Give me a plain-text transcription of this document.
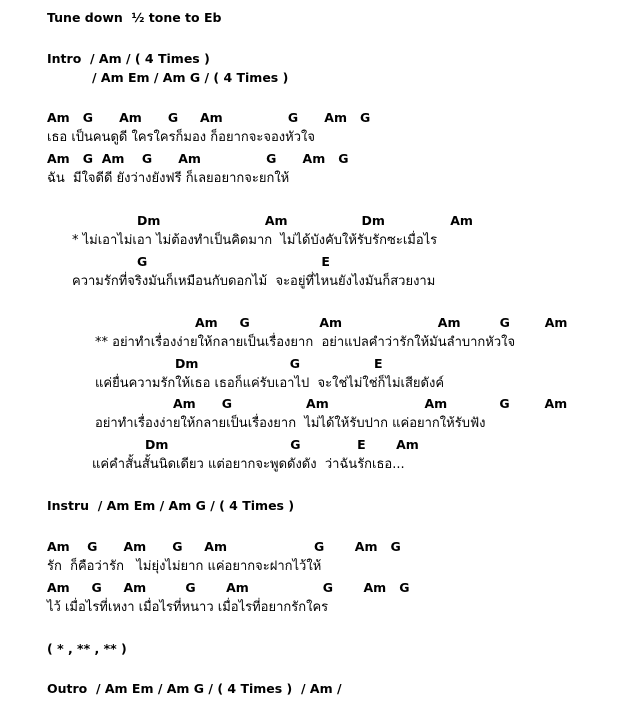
Tune down  ½ tone to Eb
Intro  / Am / ( 4 Times )
/ Am Em / Am G / ( 4 Times )
Am   G      Am      G     Am               G      Am   G
เธอ เป็นคนดูดี ใครใครก็มอง ก็อยากจะจองหัวใจ
Am   G  Am    G      Am               G      Am   G
ฉัน  มีใจดีดี ยังว่างยังฟรี ก็เลยอยากจะยกให้
Dm                        Am                 Dm               Am
* ไม่เอาไม่เอา ไม่ต้องทำเป็นคิดมาก  ไม่ได้บังคับให้รับรักซะเมื่อไร
G                                        E
ความรักที่จริงมันก็เหมือนกับดอกไม้  จะอยู่ที่ไหนยังไงมันก็สวยงาม
Am     G                Am                      Am         G        Am
** อย่าทำเรื่องง่ายให้กลายเป็นเรื่องยาก  อย่าแปลคำว่ารักให้มันลำบากหัวใจ
Dm                     G                 E
แค่ยื่นความรักให้เธอ เธอก็แค่รับเอาไป  จะใช่ไม่ใช่ก็ไม่เสียดังค์
Am      G                 Am                      Am            G        Am
อย่าทำเรื่องง่ายให้กลายเป็นเรื่องยาก  ไม่ได้ให้รับปาก แค่อยากให้รับฟัง
Dm                            G             E       Am
แค่คำสั้นสั้นนิดเดียว แต่อยากจะพูดดังดัง  ว่าฉันรักเธอ...
Instru  / Am Em / Am G / ( 4 Times )
Am    G      Am      G     Am                    G       Am   G
รัก  ก็คือว่ารัก   ไม่ยุ่งไม่ยาก แค่อยากจะฝากไว้ให้
Am     G     Am         G       Am                 G       Am   G
ไว้ เมื่อไรที่เหงา เมื่อไรที่หนาว เมื่อไรที่อยากรักใคร
( * , ** , ** )
Outro  / Am Em / Am G / ( 4 Times )  / Am /
